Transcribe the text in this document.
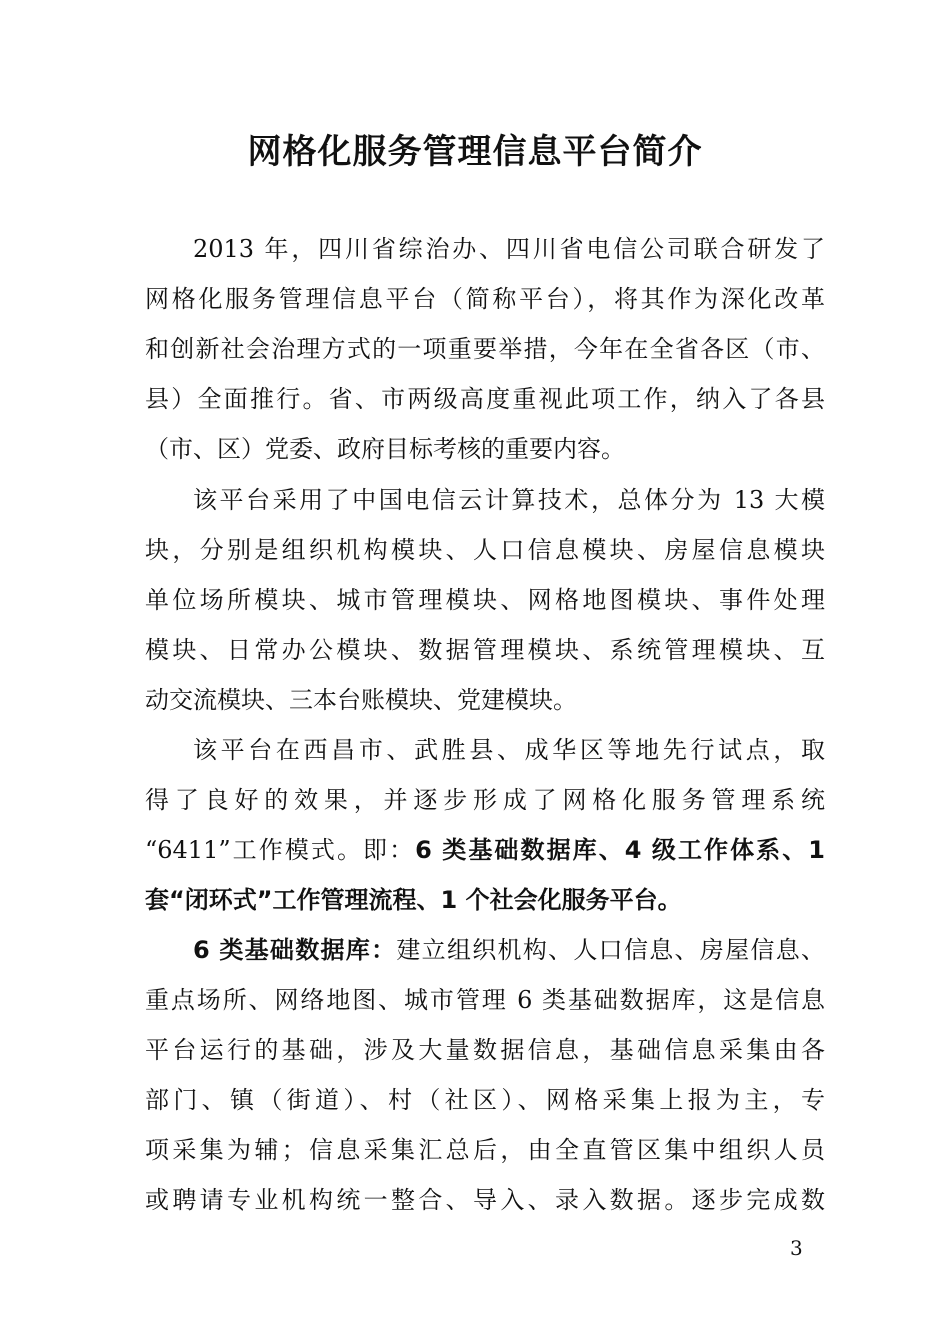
网格化服务管理信息平台简介
2013 年，四川省综治办、四川省电信公司联合研发了
网格化服务管理信息平台（简称平台），将其作为深化改革
和创新社会治理方式的一项重要举措，今年在全省各区（市、
县）全面推行。省、市两级高度重视此项工作，纳入了各县
（市、区）党委、政府目标考核的重要内容。
该平台采用了中国电信云计算技术，总体分为 13 大模
块，分别是组织机构模块、人口信息模块、房屋信息模块
单位场所模块、城市管理模块、网格地图模块、事件处理
模块、日常办公模块、数据管理模块、系统管理模块、互
动交流模块、三本台账模块、党建模块。
该平台在西昌市、武胜县、成华区等地先行试点，取
得了良好的效果，并逐步形成了网格化服务管理系统
“6411”工作模式。即：6 类基础数据库、4 级工作体系、1
套“闭环式”工作管理流程、1 个社会化服务平台。
6 类基础数据库：建立组织机构、人口信息、房屋信息、
重点场所、网络地图、城市管理 6 类基础数据库，这是信息
平台运行的基础，涉及大量数据信息，基础信息采集由各
部门、镇（街道）、村（社区）、网格采集上报为主，专
项采集为辅；信息采集汇总后，由全直管区集中组织人员
或聘请专业机构统一整合、导入、录入数据。逐步完成数
3
